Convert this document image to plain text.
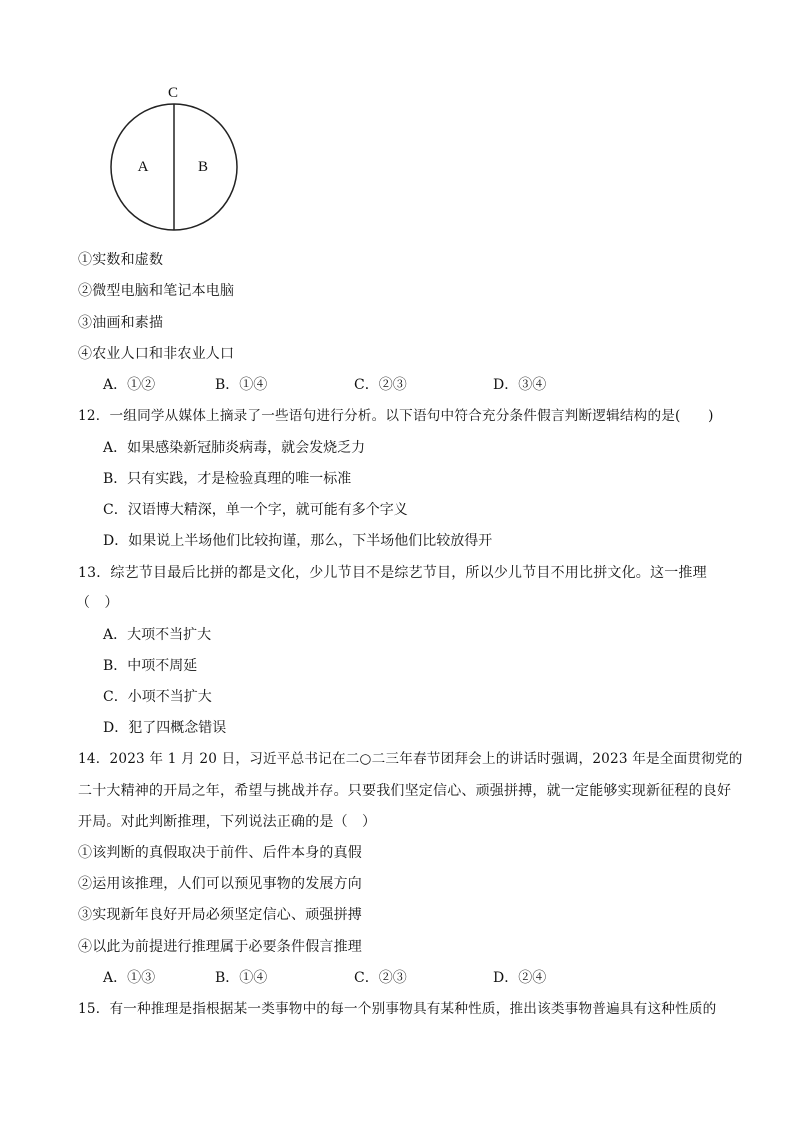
C
A	B
①实数和虚数
②微型电脑和笔记本电脑
③油画和素描
④农业人口和非农业人口
A．①②	B．①④	C．②③	D．③④
12．一组同学从媒体上摘录了一些语句进行分析。以下语句中符合充分条件假言判断逻辑结构的是(　　)
A．如果感染新冠肺炎病毒，就会发烧乏力
B．只有实践，才是检验真理的唯一标准
C．汉语博大精深，单一个字，就可能有多个字义
D．如果说上半场他们比较拘谨，那么，下半场他们比较放得开
13．综艺节目最后比拼的都是文化，少儿节目不是综艺节目，所以少儿节目不用比拼文化。这一推理
（　）
A．大项不当扩大
B．中项不周延
C．小项不当扩大
D．犯了四概念错误
14．2023 年 1 月 20 日，习近平总书记在二○二三年春节团拜会上的讲话时强调，2023 年是全面贯彻党的
二十大精神的开局之年，希望与挑战并存。只要我们坚定信心、顽强拼搏，就一定能够实现新征程的良好
开局。对此判断推理，下列说法正确的是（　）
①该判断的真假取决于前件、后件本身的真假
②运用该推理，人们可以预见事物的发展方向
③实现新年良好开局必须坚定信心、顽强拼搏
④以此为前提进行推理属于必要条件假言推理
A．①③	B．①④	C．②③	D．②④
15．有一种推理是指根据某一类事物中的每一个别事物具有某种性质，推出该类事物普遍具有这种性质的
